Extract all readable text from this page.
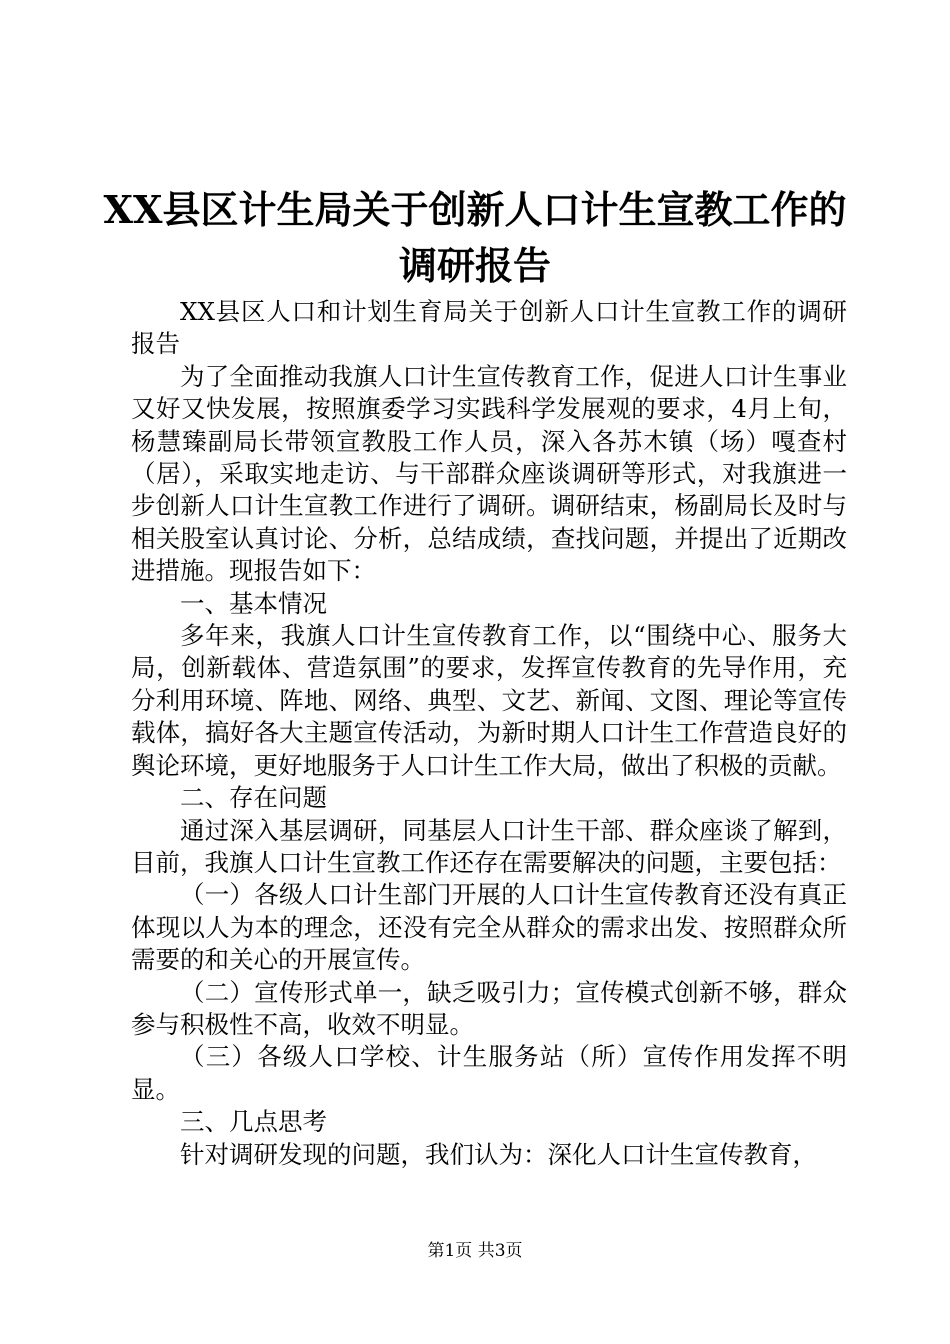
XX县区计生局关于创新人口计生宣教工作的
调研报告

XX县区人口和计划生育局关于创新人口计生宣教工作的调研报告

为了全面推动我旗人口计生宣传教育工作，促进人口计生事业又好又快发展，按照旗委学习实践科学发展观的要求，4月上旬，杨慧臻副局长带领宣教股工作人员，深入各苏木镇（场）嘎查村（居），采取实地走访、与干部群众座谈调研等形式，对我旗进一步创新人口计生宣教工作进行了调研。调研结束，杨副局长及时与相关股室认真讨论、分析，总结成绩，查找问题，并提出了近期改进措施。现报告如下：

一、基本情况

多年来，我旗人口计生宣传教育工作，以“围绕中心、服务大局，创新载体、营造氛围”的要求，发挥宣传教育的先导作用，充分利用环境、阵地、网络、典型、文艺、新闻、文图、理论等宣传载体，搞好各大主题宣传活动，为新时期人口计生工作营造良好的舆论环境，更好地服务于人口计生工作大局，做出了积极的贡献。

二、存在问题

通过深入基层调研，同基层人口计生干部、群众座谈了解到，目前，我旗人口计生宣教工作还存在需要解决的问题，主要包括：

（一）各级人口计生部门开展的人口计生宣传教育还没有真正体现以人为本的理念，还没有完全从群众的需求出发、按照群众所需要的和关心的开展宣传。

（二）宣传形式单一，缺乏吸引力；宣传模式创新不够，群众参与积极性不高，收效不明显。

（三）各级人口学校、计生服务站（所）宣传作用发挥不明显。

三、几点思考

针对调研发现的问题，我们认为：深化人口计生宣传教育，

第1页 共3页
